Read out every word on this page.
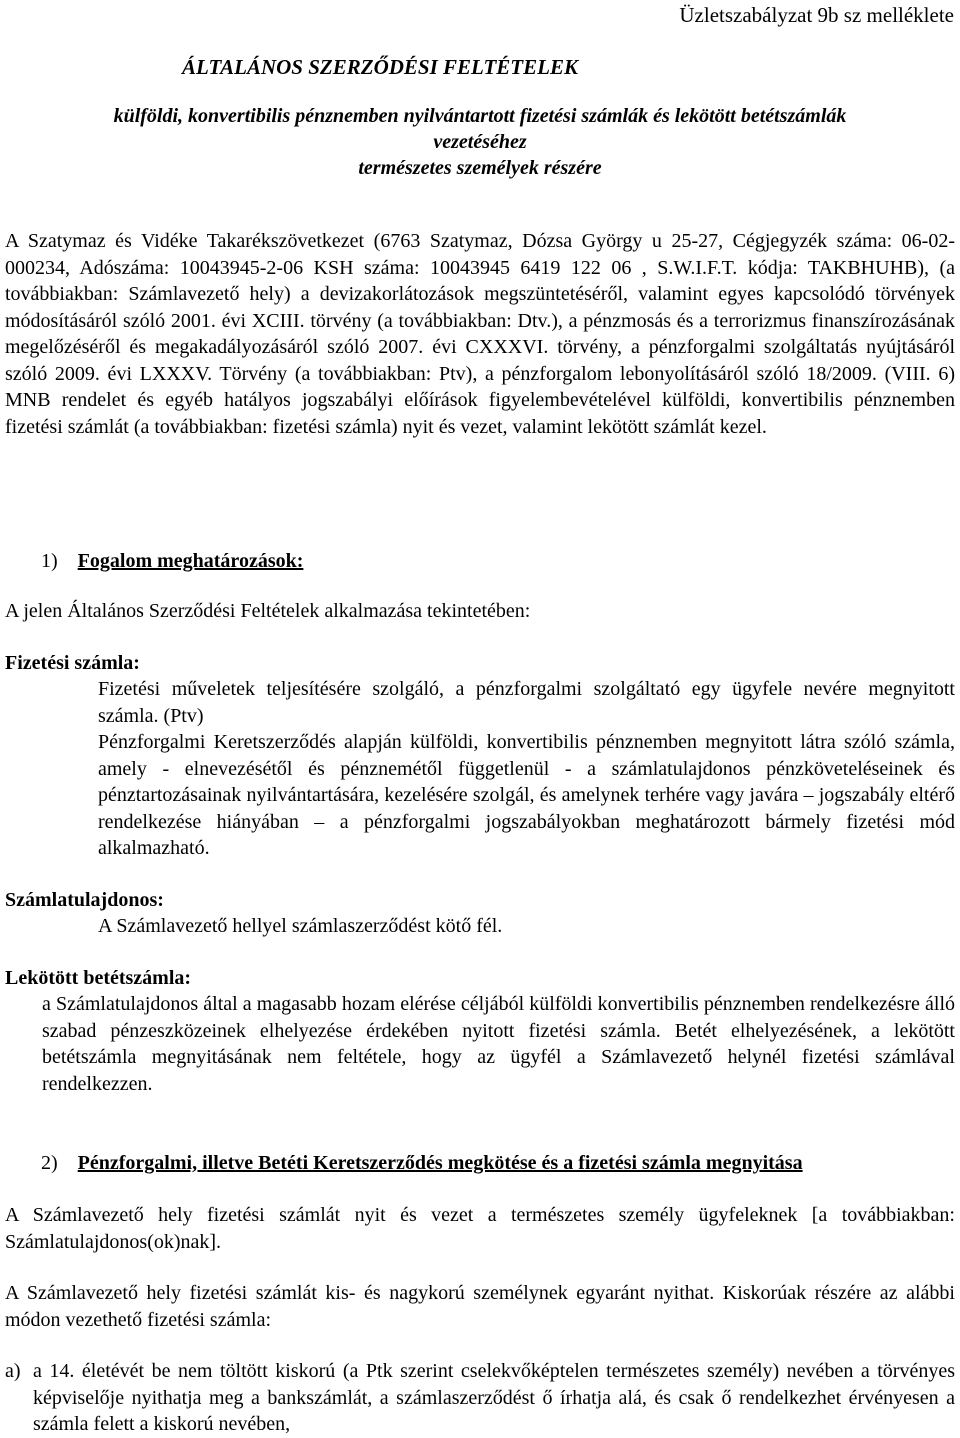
Üzletszabályzat 9b sz melléklete
ÁLTALÁNOS SZERZŐDÉSI FELTÉTELEK
külföldi, konvertibilis pénznemben nyilvántartott fizetési számlák és lekötött betétszámlák
vezetéséhez
természetes személyek részére

A Szatymaz és Vidéke Takarékszövetkezet (6763 Szatymaz, Dózsa György u 25-27, Cégjegyzék száma: 06-02-000234, Adószáma: 10043945-2-06 KSH száma: 10043945 6419 122 06 , S.W.I.F.T. kódja: TAKBHUHB), (a továbbiakban: Számlavezető hely) a devizakorlátozások megszüntetéséről, valamint egyes kapcsolódó törvények módosításáról szóló 2001. évi XCIII. törvény (a továbbiakban: Dtv.), a pénzmosás és a terrorizmus finanszírozásának megelőzéséről és megakadályozásáról szóló 2007. évi CXXXVI. törvény, a pénzforgalmi szolgáltatás nyújtásáról szóló 2009. évi LXXXV. Törvény (a továbbiakban: Ptv), a pénzforgalom lebonyolításáról szóló 18/2009. (VIII. 6) MNB rendelet és egyéb hatályos jogszabályi előírások figyelembevételével külföldi, konvertibilis pénznemben fizetési számlát (a továbbiakban: fizetési számla) nyit és vezet, valamint lekötött számlát kezel.

1) Fogalom meghatározások:

A jelen Általános Szerződési Feltételek alkalmazása tekintetében:

Fizetési számla:

Fizetési műveletek teljesítésére szolgáló, a pénzforgalmi szolgáltató egy ügyfele nevére megnyitott számla. (Ptv)

Pénzforgalmi Keretszerződés alapján külföldi, konvertibilis pénznemben megnyitott látra szóló számla, amely - elnevezésétől és pénznemétől függetlenül - a számlatulajdonos pénzköveteléseinek és pénztartozásainak nyilvántartására, kezelésére szolgál, és amelynek terhére vagy javára – jogszabály eltérő rendelkezése hiányában – a pénzforgalmi jogszabályokban meghatározott bármely fizetési mód alkalmazható.

Számlatulajdonos:

A Számlavezető hellyel számlaszerződést kötő fél.

Lekötött betétszámla:

a Számlatulajdonos által a magasabb hozam elérése céljából külföldi konvertibilis pénznemben rendelkezésre álló szabad pénzeszközeinek elhelyezése érdekében nyitott fizetési számla. Betét elhelyezésének, a lekötött betétszámla megnyitásának nem feltétele, hogy az ügyfél a Számlavezető helynél fizetési számlával rendelkezzen.

2) Pénzforgalmi, illetve Betéti Keretszerződés megkötése és a fizetési számla megnyitása

A Számlavezető hely fizetési számlát nyit és vezet a természetes személy ügyfeleknek [a továbbiakban: Számlatulajdonos(ok)nak].

A Számlavezető hely fizetési számlát kis- és nagykorú személynek egyaránt nyithat. Kiskorúak részére az alábbi módon vezethető fizetési számla:

a) a 14. életévét be nem töltött kiskorú (a Ptk szerint cselekvőképtelen természetes személy) nevében a törvényes képviselője nyithatja meg a bankszámlát, a számlaszerződést ő írhatja alá, és csak ő rendelkezhet érvényesen a számla felett a kiskorú nevében,
